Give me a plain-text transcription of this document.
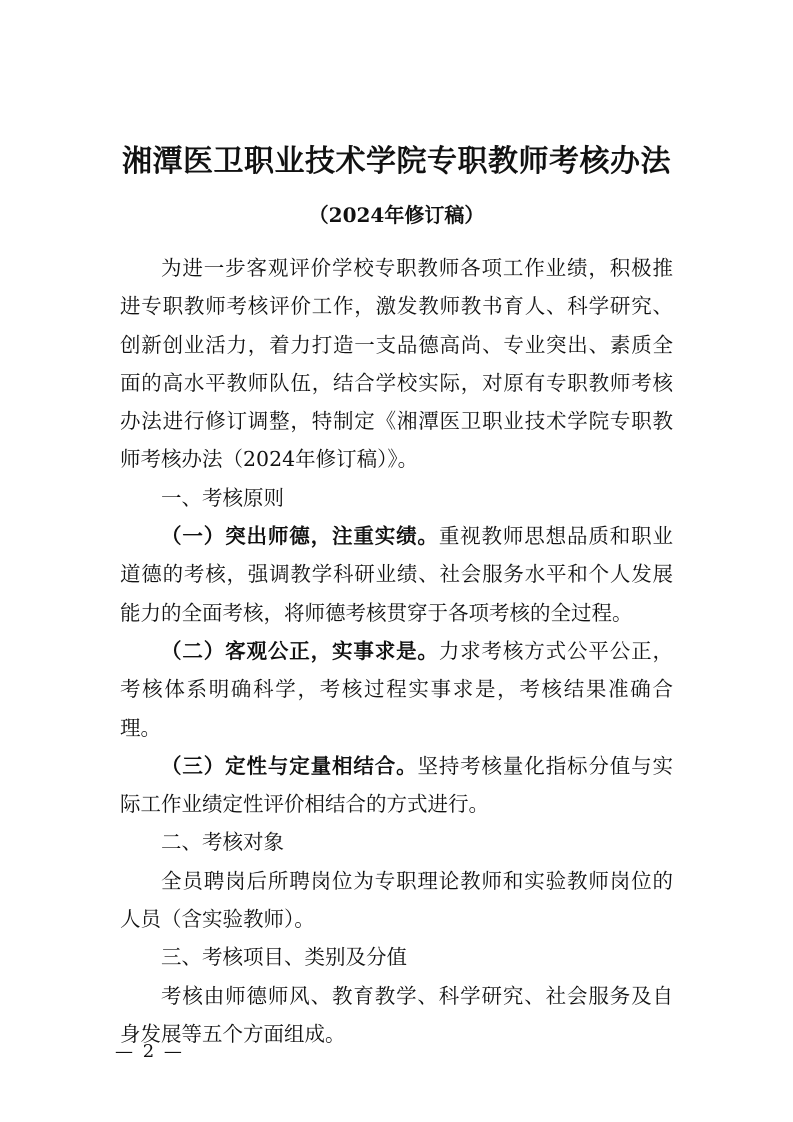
湘潭医卫职业技术学院专职教师考核办法
（2024年修订稿）

为进一步客观评价学校专职教师各项工作业绩，积极推进专职教师考核评价工作，激发教师教书育人、科学研究、创新创业活力，着力打造一支品德高尚、专业突出、素质全面的高水平教师队伍，结合学校实际，对原有专职教师考核办法进行修订调整，特制定《湘潭医卫职业技术学院专职教师考核办法（2024年修订稿）》。

一、考核原则

（一）突出师德，注重实绩。重视教师思想品质和职业道德的考核，强调教学科研业绩、社会服务水平和个人发展能力的全面考核，将师德考核贯穿于各项考核的全过程。

（二）客观公正，实事求是。力求考核方式公平公正，考核体系明确科学，考核过程实事求是，考核结果准确合理。

（三）定性与定量相结合。坚持考核量化指标分值与实际工作业绩定性评价相结合的方式进行。

二、考核对象

全员聘岗后所聘岗位为专职理论教师和实验教师岗位的人员（含实验教师）。

三、考核项目、类别及分值

考核由师德师风、教育教学、科学研究、社会服务及自身发展等五个方面组成。

— 2 —
